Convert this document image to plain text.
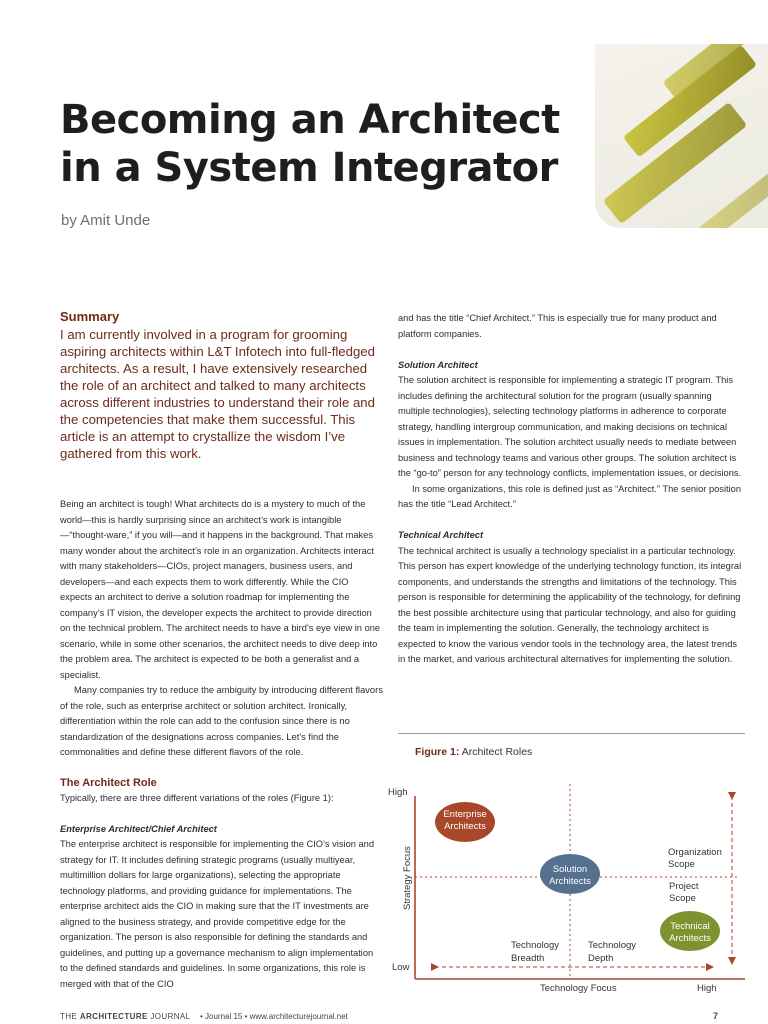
Becoming an Architect
in a System Integrator
by Amit Unde
Summary

I am currently involved in a program for grooming aspiring architects within L&T Infotech into full-fledged architects. As a result, I have extensively researched the role of an architect and talked to many architects across different industries to understand their role and the competencies that make them successful. This article is an attempt to crystallize the wisdom I’ve gathered from this work.

Being an architect is tough! What architects do is a mystery to much of the world—this is hardly surprising since an architect’s work is intangible—“thought-ware,” if you will—and it happens in the background. That makes many wonder about the architect’s role in an organization. Architects interact with many stakeholders—CIOs, project managers, business users, and developers—and each expects them to work differently. While the CIO expects an architect to derive a solution roadmap for implementing the company’s IT vision, the developer expects the architect to provide direction on the technical problem. The architect needs to have a bird’s eye view in one scenario, while in some other scenarios, the architect needs to dive deep into the problem area. The architect is expected to be both a generalist and a specialist.

Many companies try to reduce the ambiguity by introducing different flavors of the role, such as enterprise architect or solution architect. Ironically, differentiation within the role can add to the confusion since there is no standardization of the designations across companies. Let’s find the commonalities and define these different flavors of the role.

The Architect Role

Typically, there are three different variations of the roles (Figure 1):

Enterprise Architect/Chief Architect

The enterprise architect is responsible for implementing the CIO’s vision and strategy for IT. It includes defining strategic programs (usually multiyear, multimillion dollars for large organizations), selecting the appropriate technology platforms, and providing guidance for implementations. The enterprise architect aids the CIO in making sure that the IT investments are aligned to the business strategy, and provide competitive edge for the organization. The person is also responsible for defining the standards and guidelines, and putting up a governance mechanism to align implementation to the defined standards and guidelines. In some organizations, this role is merged with that of the CIO

and has the title “Chief Architect.” This is especially true for many product and platform companies.

Solution Architect

The solution architect is responsible for implementing a strategic IT program. This includes defining the architectural solution for the program (usually spanning multiple technologies), selecting technology platforms in adherence to corporate strategy, handling intergroup communication, and making decisions on technical issues in implementation. The solution architect usually needs to mediate between business and technology teams and various other groups. The solution architect is the “go-to” person for any technology conflicts, implementation issues, or decisions.

In some organizations, this role is defined just as “Architect.” The senior position has the title “Lead Architect.”

Technical Architect

The technical architect is usually a technology specialist in a particular technology. This person has expert knowledge of the underlying technology function, its integral components, and understands the strengths and limitations of the technology. This person is responsible for determining the applicability of the technology, for defining the best possible architecture using that particular technology, and also for guiding the team in implementing the solution. Generally, the technology architect is expected to know the various vendor tools in the technology area, the latest trends in the market, and various architectural alternatives for implementing the solution.

Figure 1: Architect Roles
High
Low
Strategy Focus
Technology Focus	High
Enterprise
Architects
Solution
Architects
Technical
Architects
Organization
Scope
Project
Scope
Technology
Breadth
Technology
Depth
THE ARCHITECTURE JOURNAL • Journal 15 • www.architecturejournal.net	7
